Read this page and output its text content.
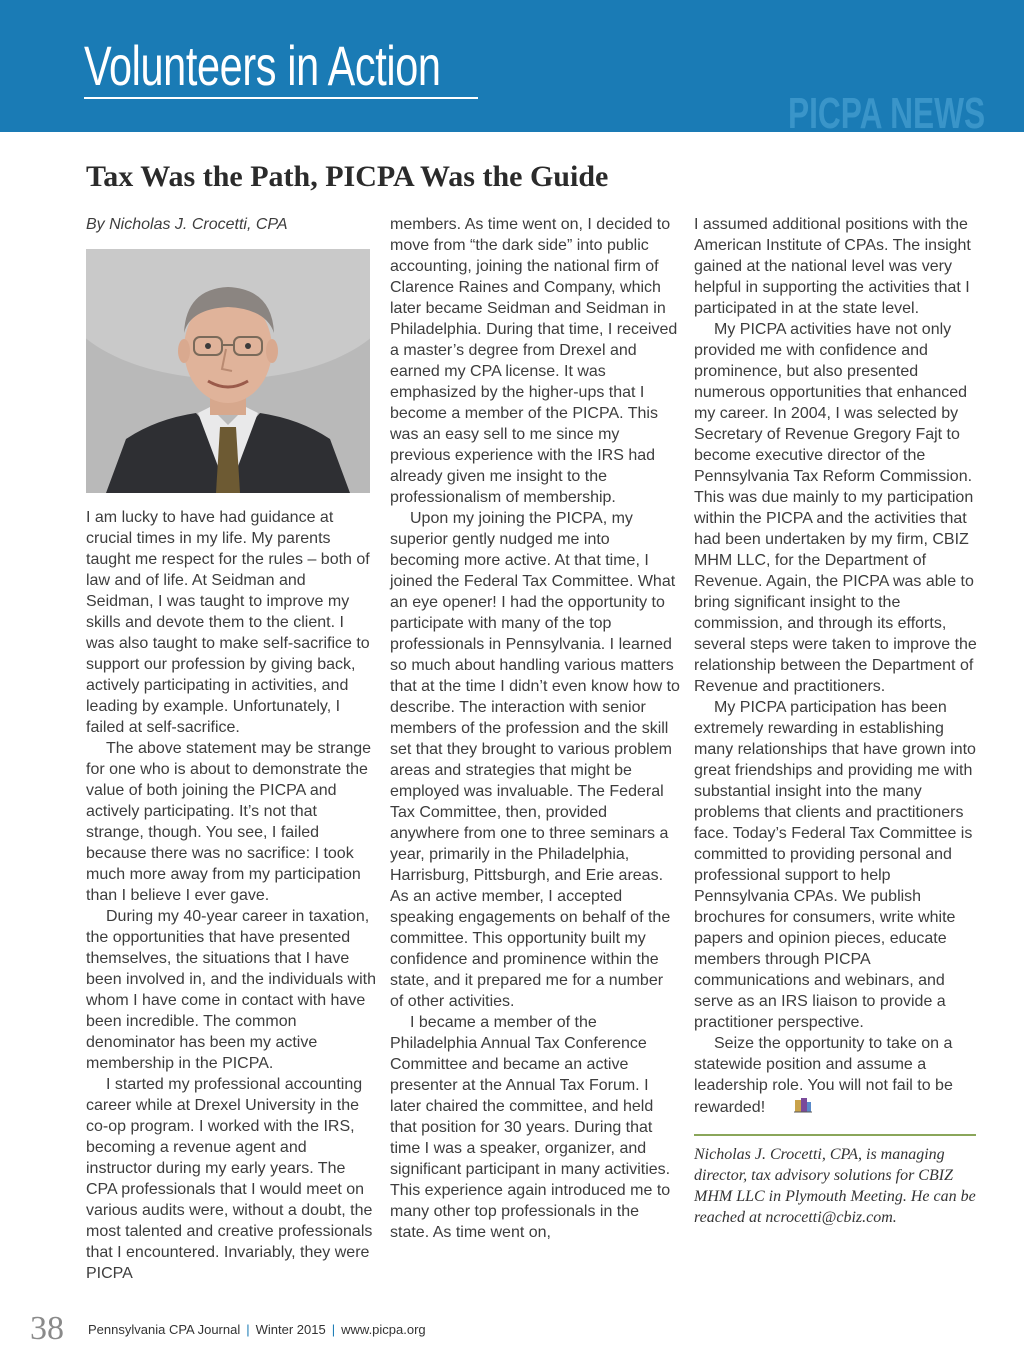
Volunteers in Action
PICPA NEWS
Tax Was the Path, PICPA Was the Guide

By Nicholas J. Crocetti, CPA

I am lucky to have had guidance at crucial times in my life. My parents taught me respect for the rules – both of law and of life. At Seidman and Seidman, I was taught to improve my skills and devote them to the client. I was also taught to make self-sacrifice to support our profession by giving back, actively participating in activities, and leading by example. Unfortunately, I failed at self-sacrifice.

The above statement may be strange for one who is about to demonstrate the value of both joining the PICPA and actively participating. It’s not that strange, though. You see, I failed because there was no sacrifice: I took much more away from my participation than I believe I ever gave.

During my 40-year career in taxation, the opportunities that have presented themselves, the situations that I have been involved in, and the individuals with whom I have come in contact with have been incredible. The common denominator has been my active membership in the PICPA.

I started my professional accounting career while at Drexel University in the co-op program. I worked with the IRS, becoming a revenue agent and instructor during my early years. The CPA professionals that I would meet on various audits were, without a doubt, the most talented and creative professionals that I encountered. Invariably, they were PICPA

members. As time went on, I decided to move from “the dark side” into public accounting, joining the national firm of Clarence Raines and Company, which later became Seidman and Seidman in Philadelphia. During that time, I received a master’s degree from Drexel and earned my CPA license. It was emphasized by the higher-ups that I become a member of the PICPA. This was an easy sell to me since my previous experience with the IRS had already given me insight to the professionalism of membership.

Upon my joining the PICPA, my superior gently nudged me into becoming more active. At that time, I joined the Federal Tax Committee. What an eye opener! I had the opportunity to participate with many of the top professionals in Pennsylvania. I learned so much about handling various matters that at the time I didn’t even know how to describe. The interaction with senior members of the profession and the skill set that they brought to various problem areas and strategies that might be employed was invaluable. The Federal Tax Committee, then, provided anywhere from one to three seminars a year, primarily in the Philadelphia, Harrisburg, Pittsburgh, and Erie areas. As an active member, I accepted speaking engagements on behalf of the committee. This opportunity built my confidence and prominence within the state, and it prepared me for a number of other activities.

I became a member of the Philadelphia Annual Tax Conference Committee and became an active presenter at the Annual Tax Forum. I later chaired the committee, and held that position for 30 years. During that time I was a speaker, organizer, and significant participant in many activities. This experience again introduced me to many other top professionals in the state. As time went on,

I assumed additional positions with the American Institute of CPAs. The insight gained at the national level was very helpful in supporting the activities that I participated in at the state level.

My PICPA activities have not only provided me with confidence and prominence, but also presented numerous opportunities that enhanced my career. In 2004, I was selected by Secretary of Revenue Gregory Fajt to become executive director of the Pennsylvania Tax Reform Commission. This was due mainly to my participation within the PICPA and the activities that had been undertaken by my firm, CBIZ MHM LLC, for the Department of Revenue. Again, the PICPA was able to bring significant insight to the commission, and through its efforts, several steps were taken to improve the relationship between the Department of Revenue and practitioners.

My PICPA participation has been extremely rewarding in establishing many relationships that have grown into great friendships and providing me with substantial insight into the many problems that clients and practitioners face. Today’s Federal Tax Committee is committed to providing personal and professional support to help Pennsylvania CPAs. We publish brochures for consumers, write white papers and opinion pieces, educate members through PICPA communications and webinars, and serve as an IRS liaison to provide a practitioner perspective.

Seize the opportunity to take on a statewide position and assume a leadership role. You will not fail to be rewarded!

Nicholas J. Crocetti, CPA, is managing director, tax advisory solutions for CBIZ MHM LLC in Plymouth Meeting. He can be reached at ncrocetti@cbiz.com.
38 Pennsylvania CPA Journal | Winter 2015 | www.picpa.org
